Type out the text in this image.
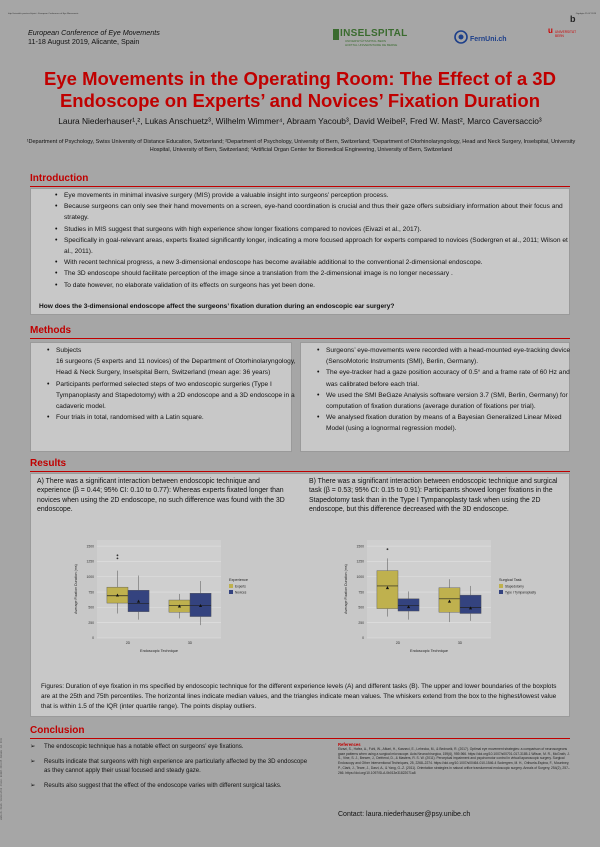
http://scientific-poster.ch/print - European Conference of Eye Movements	Gigabyte 25.07.2019
European Conference of Eye Movements
11-18 August 2019, Alicante, Spain
INSELSPITAL
UNIVERSITÄTSSPITAL BERN
HOPITAL UNIVERSITAIRE DE BERNE
FernUni.ch
b
u UNIVERSITÄT BERN
Eye Movements in the Operating Room: The Effect of a 3D Endoscope on Experts’ and Novices’ Fixation Duration
Laura Niederhauser¹,², Lukas Anschuetz³, Wilhelm Wimmer⁴, Abraam Yacoub³, David Weibel², Fred W. Mast², Marco Caversaccio³
¹Department of Psychology, Swiss University of Distance Education, Switzerland; ²Department of Psychology, University of Bern, Switzerland; ³Department of Otorhinolaryngology, Head and Neck Surgery, Inselspital, University Hospital, University of Bern, Switzerland; ⁴Artificial Organ Center for Biomedical Engineering, University of Bern, Switzerland
Introduction
• Eye movements in minimal invasive surgery (MIS) provide a valuable insight into surgeons’ perception process.
• Because surgeons can only see their hand movements on a screen, eye-hand coordination is crucial and thus their gaze offers subsidiary information about their focus and strategy.
• Studies in MIS suggest that surgeons with high experience show longer fixations compared to novices (Eivazi et al., 2017).
• Specifically in goal-relevant areas, experts fixated significantly longer, indicating a more focused approach for experts compared to novices (Sodergren et al., 2011; Wilson et al., 2011).
• With recent technical progress, a new 3-dimensional endoscope has become available additional to the conventional 2-dimensional endoscope.
• The 3D endoscope should facilitate perception of the image since a translation from the 2-dimensional image is no longer necessary .
• To date however, no elaborate validation of its effects on surgeons has yet been done.
How does the 3-dimensional endoscope affect the surgeons’ fixation duration during an endoscopic ear surgery?
Methods
• Subjects
16 surgeons (5 experts and 11 novices) of the Department of Otorhinolaryngology, Head & Neck Surgery, Inselspital Bern, Switzerland (mean age: 36 years)
• Participants performed selected steps of two endoscopic surgeries (Type I Tympanoplasty and Stapedotomy) with a 2D endoscope and a 3D endoscope in a cadaveric model.
• Four trials in total, randomised with a Latin square.
• Surgeons’ eye-movements were recorded with a head-mounted eye-tracking device (SensoMotoric Instruments (SMI), Berlin, Germany).
• The eye-tracker had a gaze position accuracy of 0.5° and a frame rate of 60 Hz and was calibrated before each trial.
• We used the SMI BeGaze Analysis software version 3.7 (SMI, Berlin, Germany) for computation of fixation durations (average duration of fixations per trial).
• We analysed fixation duration by means of a Bayesian Generalized Linear Mixed Model (using a lognormal regression model).
Results
A) There was a significant interaction between endoscopic technique and experience (β = 0.44; 95% CI: 0.10 to 0.77): Whereas experts fixated longer than novices when using the 2D endoscope, no such difference was found with the 3D endoscope.
B) There was a significant interaction between endoscopic technique and surgical task (β = 0.53; 95% CI: 0.15 to 0.91): Participants showed longer fixations in the Stapedotomy task than in the Type I Tympanoplasty task when using the 2D endoscope, but this difference decreased with the 3D endoscope.
0
250
500
750
1000
1250
1500
Average Fixation Duration (ms)
2D	3D
Endoscopic Technique
Experience
Experts
Novices
0
250
500
750
1000
1250
1500
Average Fixation Duration (ms)
2D	3D
Endoscopic Technique
Surgical Task
Stapedotomy
Type I Tympanoplasty
Figures: Duration of eye fixation in ms specified by endoscopic technique for the different experience levels (A) and different tasks (B). The upper and lower boundaries of the boxplots are at the 25th and 75th percentiles. The horizontal lines indicate median values, and the triangles indicate mean values. The whiskers extend from the box to the highest/lowest value that is within 1.5 of the IQR (inter quartile range). The points display outliers.
Conclusion
➢ The endoscopic technique has a notable effect on surgeons’ eye fixations.
➢ Results indicate that surgeons with high experience are particularly affected by the 3D endoscope as they cannot apply their usual focused and steady gaze.
➢ Results also suggest that the effect of the endoscope varies with different surgical tasks.
References
Eivazi, S., Hafez, A., Fuhl, W., Afkari, H., Kasneci, E., Lehecka, M., & Bednarik, R. (2017). Optimal eye movement strategies: a comparison of neurosurgeons gaze patterns when using a surgical microscope. Acta Neurochirurgica, 159(6), 959-966. https://doi.org/10.1007/s00701-017-3185-1 Wilson, M. R., McGrath, J. S., Vine, S. J., Brewer, J., Defriend, D., & Masters, R. S. W. (2011). Perceptual impairment and psychomotor control in virtual laparoscopic surgery. Surgical Endoscopy and Other Interventional Techniques, 25, 2268–2274. https://doi.org/10.1007/s00464-010-1546-4 Sodergren, M. H., Orihuela-Espina, F., Mountney, P., Clark, J., Teare, J., Darzi, A., & Yang, G.-Z. (2011). Orientation strategies in natural orifice translumenal endoscopic surgery. Annals of Surgery, 254(2), 257–266. https://doi.org/10.1097/SLA.0b013e31822071a8
Contact: laura.niederhauser@psy.unibe.ch
unibe.ch · Druck · Version 2019 · Poster · ECEM · 2019-08 · Alicante · A4 · 2019
